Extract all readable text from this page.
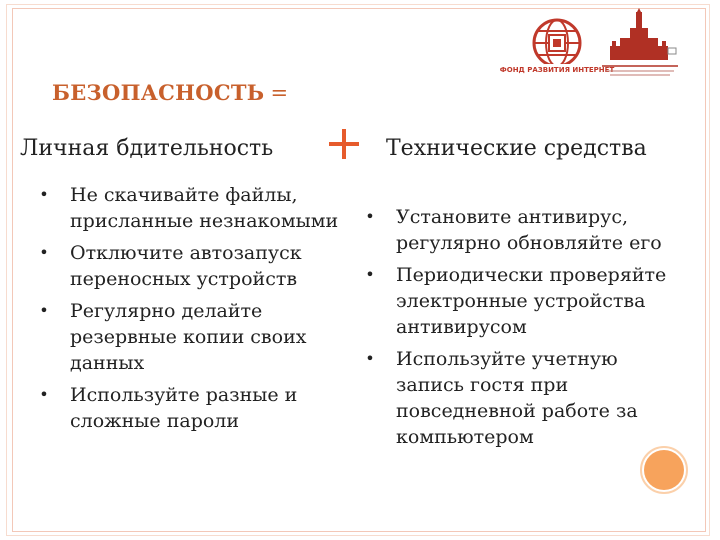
ФОНД РАЗВИТИЯ ИНТЕРНЕТ
БЕЗОПАСНОСТЬ =
Личная бдительность	Технические средства
• Не скачивайте файлы, присланные незнакомыми
• Отключите автозапуск переносных устройств
• Регулярно делайте резервные копии своих данных
• Используйте разные и сложные пароли
• Установите антивирус, регулярно обновляйте его
• Периодически проверяйте электронные устройства антивирусом
• Используйте учетную запись гостя при повседневной работе за компьютером
